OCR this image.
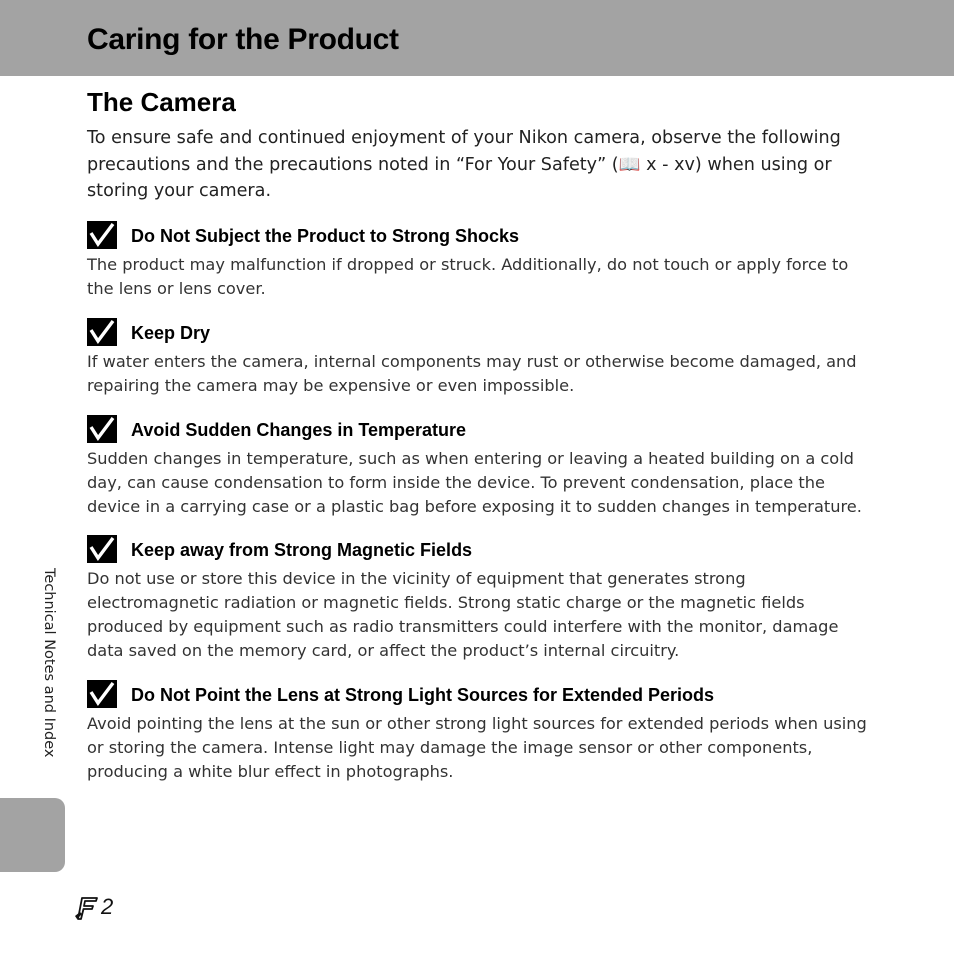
Caring for the Product
The Camera

To ensure safe and continued enjoyment of your Nikon camera, observe the following precautions and the precautions noted in “For Your Safety” (📖 x - xv) when using or storing your camera.

Do Not Subject the Product to Strong Shocks

The product may malfunction if dropped or struck. Additionally, do not touch or apply force to the lens or lens cover.

Keep Dry

If water enters the camera, internal components may rust or otherwise become damaged, and repairing the camera may be expensive or even impossible.

Avoid Sudden Changes in Temperature

Sudden changes in temperature, such as when entering or leaving a heated building on a cold day, can cause condensation to form inside the device. To prevent condensation, place the device in a carrying case or a plastic bag before exposing it to sudden changes in temperature.

Keep away from Strong Magnetic Fields

Do not use or store this device in the vicinity of equipment that generates strong electromagnetic radiation or magnetic fields. Strong static charge or the magnetic fields produced by equipment such as radio transmitters could interfere with the monitor, damage data saved on the memory card, or affect the product’s internal circuitry.

Do Not Point the Lens at Strong Light Sources for Extended Periods

Avoid pointing the lens at the sun or other strong light sources for extended periods when using or storing the camera. Intense light may damage the image sensor or other components, producing a white blur effect in photographs.

Technical Notes and Index
2
